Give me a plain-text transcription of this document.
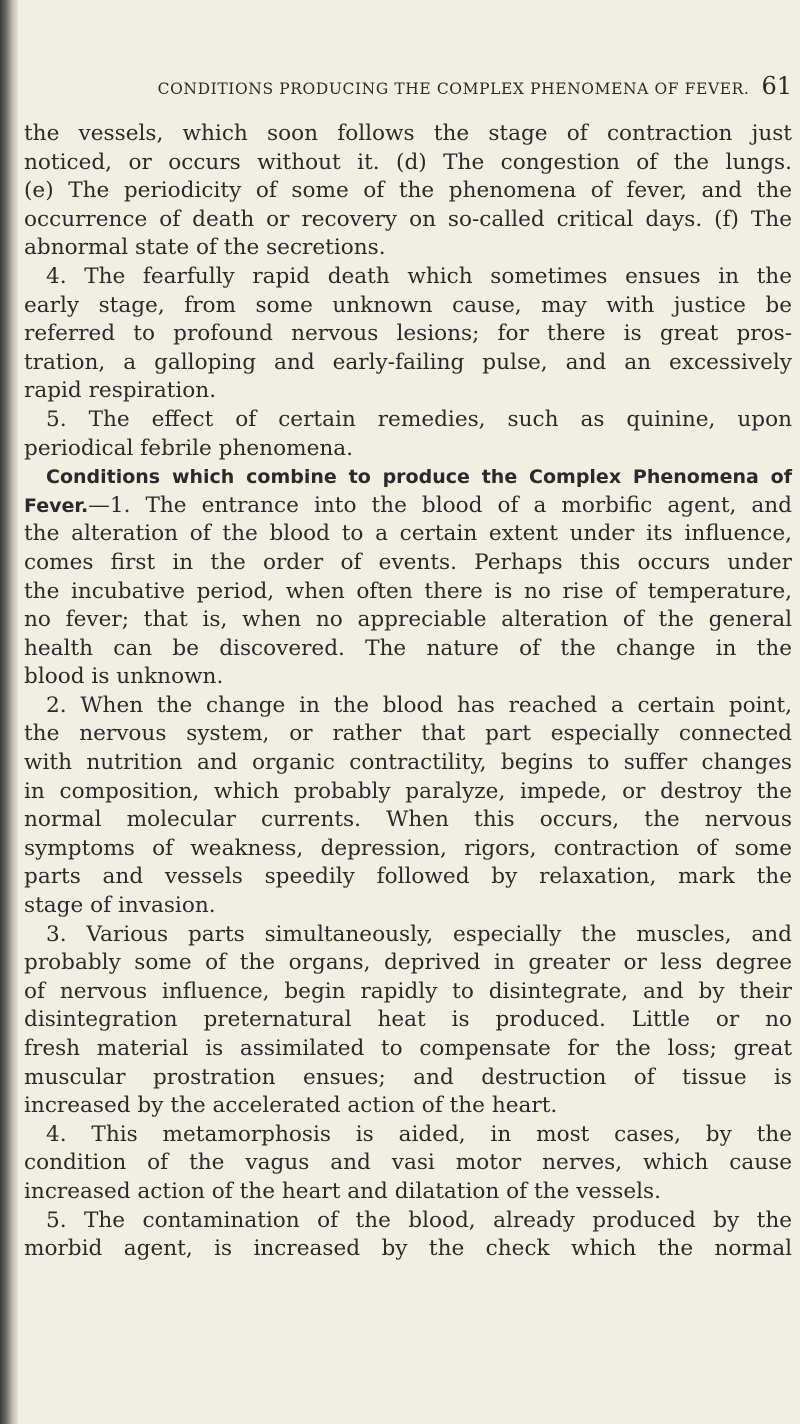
CONDITIONS PRODUCING THE COMPLEX PHENOMENA OF FEVER. 61
the vessels, which soon follows the stage of contraction just
noticed, or occurs without it. (d) The congestion of the lungs.
(e) The periodicity of some of the phenomena of fever, and the
occurrence of death or recovery on so-called critical days. (f) The
abnormal state of the secretions.
4. The fearfully rapid death which sometimes ensues in the
early stage, from some unknown cause, may with justice be
referred to profound nervous lesions; for there is great pros-
tration, a galloping and early-failing pulse, and an excessively
rapid respiration.
5. The effect of certain remedies, such as quinine, upon
periodical febrile phenomena.
Conditions which combine to produce the Complex Phenomena of
Fever.—1. The entrance into the blood of a morbific agent, and
the alteration of the blood to a certain extent under its influence,
comes first in the order of events. Perhaps this occurs under
the incubative period, when often there is no rise of temperature,
no fever; that is, when no appreciable alteration of the general
health can be discovered. The nature of the change in the
blood is unknown.
2. When the change in the blood has reached a certain point,
the nervous system, or rather that part especially connected
with nutrition and organic contractility, begins to suffer changes
in composition, which probably paralyze, impede, or destroy the
normal molecular currents. When this occurs, the nervous
symptoms of weakness, depression, rigors, contraction of some
parts and vessels speedily followed by relaxation, mark the
stage of invasion.
3. Various parts simultaneously, especially the muscles, and
probably some of the organs, deprived in greater or less degree
of nervous influence, begin rapidly to disintegrate, and by their
disintegration preternatural heat is produced. Little or no
fresh material is assimilated to compensate for the loss; great
muscular prostration ensues; and destruction of tissue is
increased by the accelerated action of the heart.
4. This metamorphosis is aided, in most cases, by the
condition of the vagus and vasi motor nerves, which cause
increased action of the heart and dilatation of the vessels.
5. The contamination of the blood, already produced by the
morbid agent, is increased by the check which the normal
